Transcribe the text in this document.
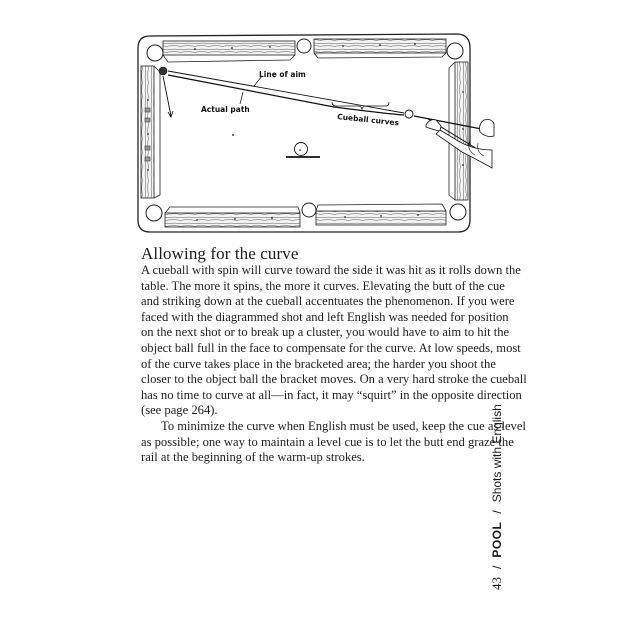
Line of aim
Actual path
Cueball curves
Allowing for the curve
A cueball with spin will curve toward the side it was hit as it rolls down the
table. The more it spins, the more it curves. Elevating the butt of the cue
and striking down at the cueball accentuates the phenomenon. If you were
faced with the diagrammed shot and left English was needed for position
on the next shot or to break up a cluster, you would have to aim to hit the
object ball full in the face to compensate for the curve. At low speeds, most
of the curve takes place in the bracketed area; the harder you shoot the
closer to the object ball the bracket moves. On a very hard stroke the cueball
has no time to curve at all—in fact, it may “squirt” in the opposite direction
(see page 264).
To minimize the curve when English must be used, keep the cue as level
as possible; one way to maintain a level cue is to let the butt end graze the
rail at the beginning of the warm-up strokes.
43/POOL/Shots with English
